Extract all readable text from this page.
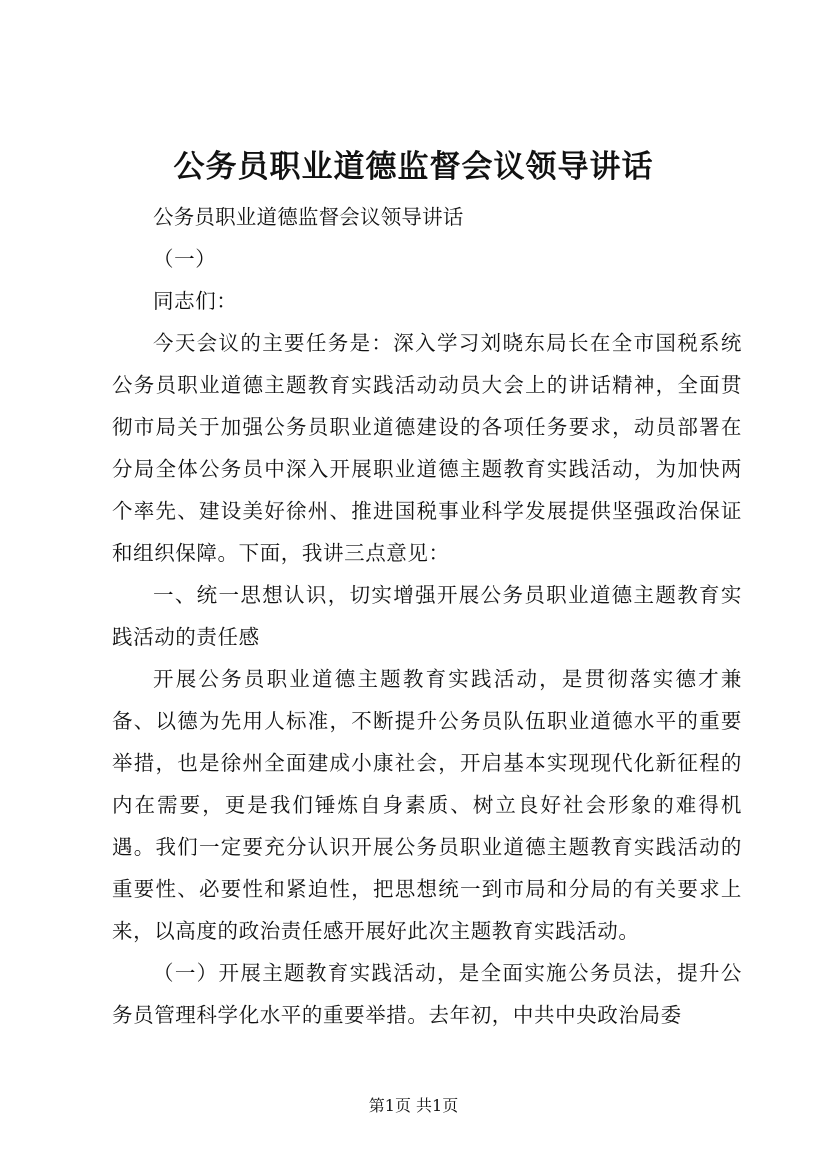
公务员职业道德监督会议领导讲话

公务员职业道德监督会议领导讲话

（一）

同志们：

今天会议的主要任务是：深入学习刘晓东局长在全市国税系统公务员职业道德主题教育实践活动动员大会上的讲话精神，全面贯彻市局关于加强公务员职业道德建设的各项任务要求，动员部署在分局全体公务员中深入开展职业道德主题教育实践活动，为加快两个率先、建设美好徐州、推进国税事业科学发展提供坚强政治保证和组织保障。下面，我讲三点意见：

一、统一思想认识，切实增强开展公务员职业道德主题教育实践活动的责任感

开展公务员职业道德主题教育实践活动，是贯彻落实德才兼备、以德为先用人标准，不断提升公务员队伍职业道德水平的重要举措，也是徐州全面建成小康社会，开启基本实现现代化新征程的内在需要，更是我们锤炼自身素质、树立良好社会形象的难得机遇。我们一定要充分认识开展公务员职业道德主题教育实践活动的重要性、必要性和紧迫性，把思想统一到市局和分局的有关要求上来，以高度的政治责任感开展好此次主题教育实践活动。

（一）开展主题教育实践活动，是全面实施公务员法，提升公务员管理科学化水平的重要举措。去年初，中共中央政治局委

第1页 共1页
